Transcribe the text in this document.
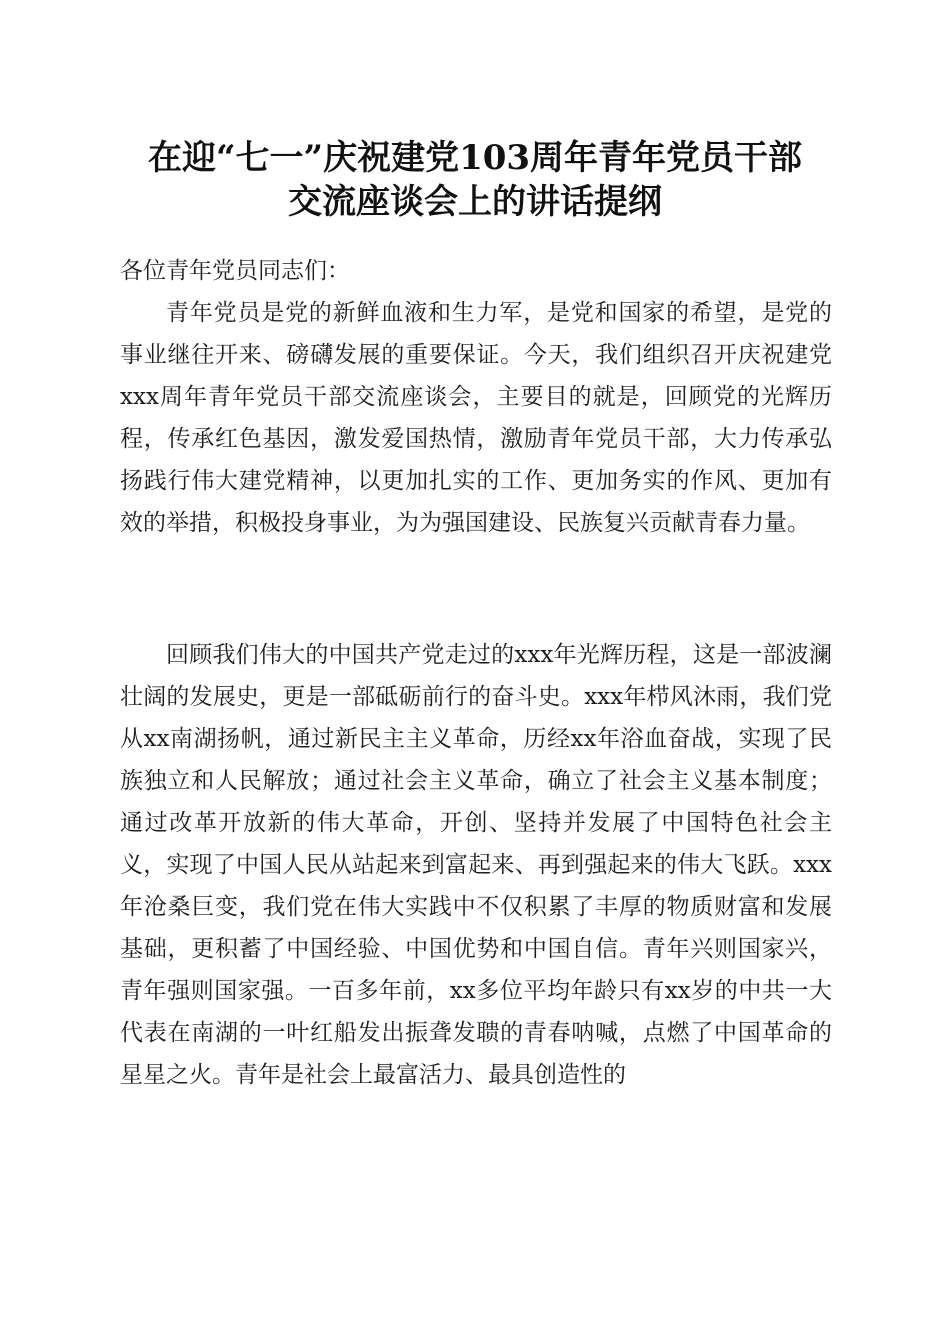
在迎“七一”庆祝建党103周年青年党员干部
交流座谈会上的讲话提纲

各位青年党员同志们：

青年党员是党的新鲜血液和生力军，是党和国家的希望，是党的事业继往开来、磅礴发展的重要保证。今天，我们组织召开庆祝建党xxx周年青年党员干部交流座谈会，主要目的就是，回顾党的光辉历程，传承红色基因，激发爱国热情，激励青年党员干部，大力传承弘扬践行伟大建党精神，以更加扎实的工作、更加务实的作风、更加有效的举措，积极投身事业，为为强国建设、民族复兴贡献青春力量。

回顾我们伟大的中国共产党走过的xxx年光辉历程，这是一部波澜壮阔的发展史，更是一部砥砺前行的奋斗史。xxx年栉风沐雨，我们党从xx南湖扬帆，通过新民主主义革命，历经xx年浴血奋战，实现了民族独立和人民解放；通过社会主义革命，确立了社会主义基本制度；通过改革开放新的伟大革命，开创、坚持并发展了中国特色社会主义，实现了中国人民从站起来到富起来、再到强起来的伟大飞跃。xxx年沧桑巨变，我们党在伟大实践中不仅积累了丰厚的物质财富和发展基础，更积蓄了中国经验、中国优势和中国自信。青年兴则国家兴，青年强则国家强。一百多年前，xx多位平均年龄只有xx岁的中共一大代表在南湖的一叶红船发出振聋发聩的青春呐喊，点燃了中国革命的星星之火。青年是社会上最富活力、最具创造性的
